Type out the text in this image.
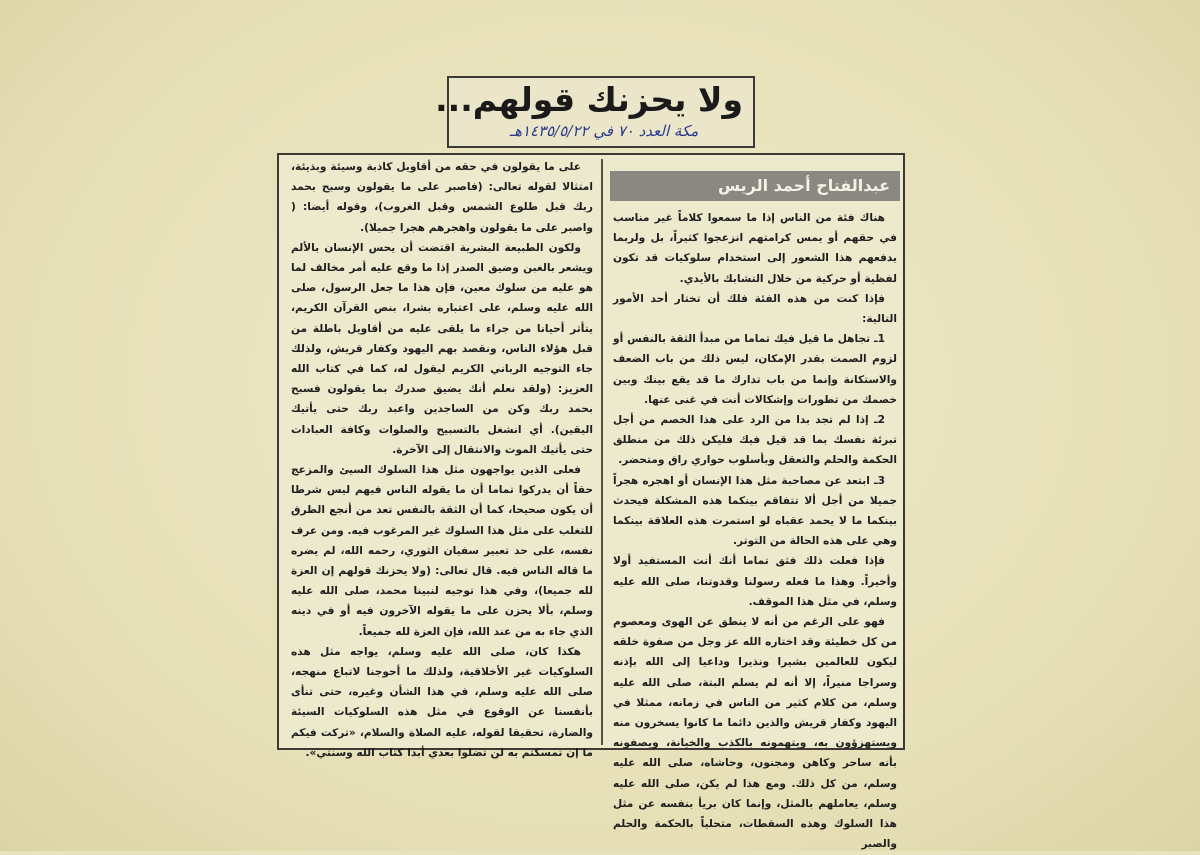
ولا يحزنك قولهم...
مكة العدد ٧٠ في ١٤٣٥/٥/٢٢هـ
عبدالفتاح أحمد الريس

هناك فئة من الناس إذا ما سمعوا كلاماً غير مناسب في حقهم أو يمس كرامتهم انزعجوا كثيراً، بل ولربما يدفعهم هذا الشعور إلى استخدام سلوكيات قد تكون لفظية أو حركية من خلال التشابك بالأيدي.

فإذا كنت من هذه الفئة فلك أن تختار أحد الأمور التالية:

1ـ تجاهل ما قيل فيك تماما من مبدأ الثقة بالنفس أو لزوم الصمت بقدر الإمكان، ليس ذلك من باب الضعف والاستكانة وإنما من باب تدارك ما قد يقع بينك وبين خصمك من تطورات وإشكالات أنت في غنى عنها.

2ـ إذا لم تجد بدا من الرد على هذا الخصم من أجل تبرئة نفسك بما قد قيل فيك فليكن ذلك من منطلق الحكمة والحلم والتعقل وبأسلوب حواري راق ومتحضر.

3ـ ابتعد عن مصاحبة مثل هذا الإنسان أو اهجره هجراً جميلا من أجل ألا تتفاقم بينكما هذه المشكلة فيحدث بينكما ما لا يحمد عقباه لو استمرت هذه العلاقة بينكما وهي على هذه الحالة من التوتر.

فإذا فعلت ذلك فثق تماما أنك أنت المستفيد أولا وأخيراً. وهذا ما فعله رسولنا وقدوتنا، صلى الله عليه وسلم، في مثل هذا الموقف.

فهو على الرغم من أنه لا ينطق عن الهوى ومعصوم من كل خطيئة وقد اختاره الله عز وجل من صفوة خلقه ليكون للعالمين بشيرا ونذيرا وداعيا إلى الله بإذنه وسراجا منيراً، إلا أنه لم يسلم البتة، صلى الله عليه وسلم، من كلام كثير من الناس في زمانه، ممثلا في اليهود وكفار قريش والذين دائما ما كانوا يسخرون منه ويستهزؤون به، ويتهمونه بالكذب والخيانة، ويصفونه بأنه ساحر وكاهن ومجنون، وحاشاه، صلى الله عليه وسلم، من كل ذلك. ومع هذا لم يكن، صلى الله عليه وسلم، يعاملهم بالمثل، وإنما كان بريأ بنفسه عن مثل هذا السلوك وهذه السقطات، متحلياً بالحكمة والحلم والصبر

على ما يقولون في حقه من أقاويل كاذبة وسيئة وبذيئة، امتثالا لقوله تعالى: (فاصبر على ما يقولون وسبح بحمد ربك قبل طلوع الشمس وقبل الغروب)، وقوله أيضا: ( واصبر على ما يقولون واهجرهم هجرا جميلا).

ولكون الطبيعة البشرية اقتضت أن يحس الإنسان بالألم ويشعر بالغبن وضيق الصدر إذا ما وقع عليه أمر مخالف لما هو عليه من سلوك معين، فإن هذا ما جعل الرسول، صلى الله عليه وسلم، على اعتباره بشرا، بنص القرآن الكريم، يتأثر أحيانا من جراء ما يلقى عليه من أقاويل باطلة من قبل هؤلاء الناس، ونقصد بهم اليهود وكفار قريش، ولذلك جاء التوجيه الرباني الكريم ليقول له، كما في كتاب الله العزيز: (ولقد نعلم أنك يضيق صدرك بما يقولون فسبح بحمد ربك وكن من الساجدين واعبد ربك حتى يأتيك اليقين). أي انشغل بالتسبيح والصلوات وكافة العبادات حتى يأتيك الموت والانتقال إلى الآخرة.

فعلى الذين يواجهون مثل هذا السلوك السيئ والمزعج حقاً أن يدركوا تماما أن ما يقوله الناس فيهم ليس شرطا أن يكون صحيحا، كما أن الثقة بالنفس تعد من أنجع الطرق للتغلب على مثل هذا السلوك غير المرغوب فيه. ومن عرف نفسه، على حد تعبير سفيان الثوري، رحمه الله، لم يضره ما قاله الناس فيه. قال تعالى: (ولا يحزنك قولهم إن العزة لله جميعا)، وفي هذا توجيه لنبينا محمد، صلى الله عليه وسلم، بألا يحزن على ما يقوله الآخرون فيه أو في دينه الذي جاء به من عند الله، فإن العزة لله جميعاً.

هكذا كان، صلى الله عليه وسلم، يواجه مثل هذه السلوكيات غير الأخلاقية، ولذلك ما أحوجنا لاتباع منهجه، صلى الله عليه وسلم، في هذا الشأن وغيره، حتى تنأى بأنفسنا عن الوقوع في مثل هذه السلوكيات السيئة والضارة، تحقيقا لقوله، عليه الصلاة والسلام، «تركت فيكم ما إن تمسكتم به لن تضلوا بعدي أبدا كتاب الله وسنتي».
